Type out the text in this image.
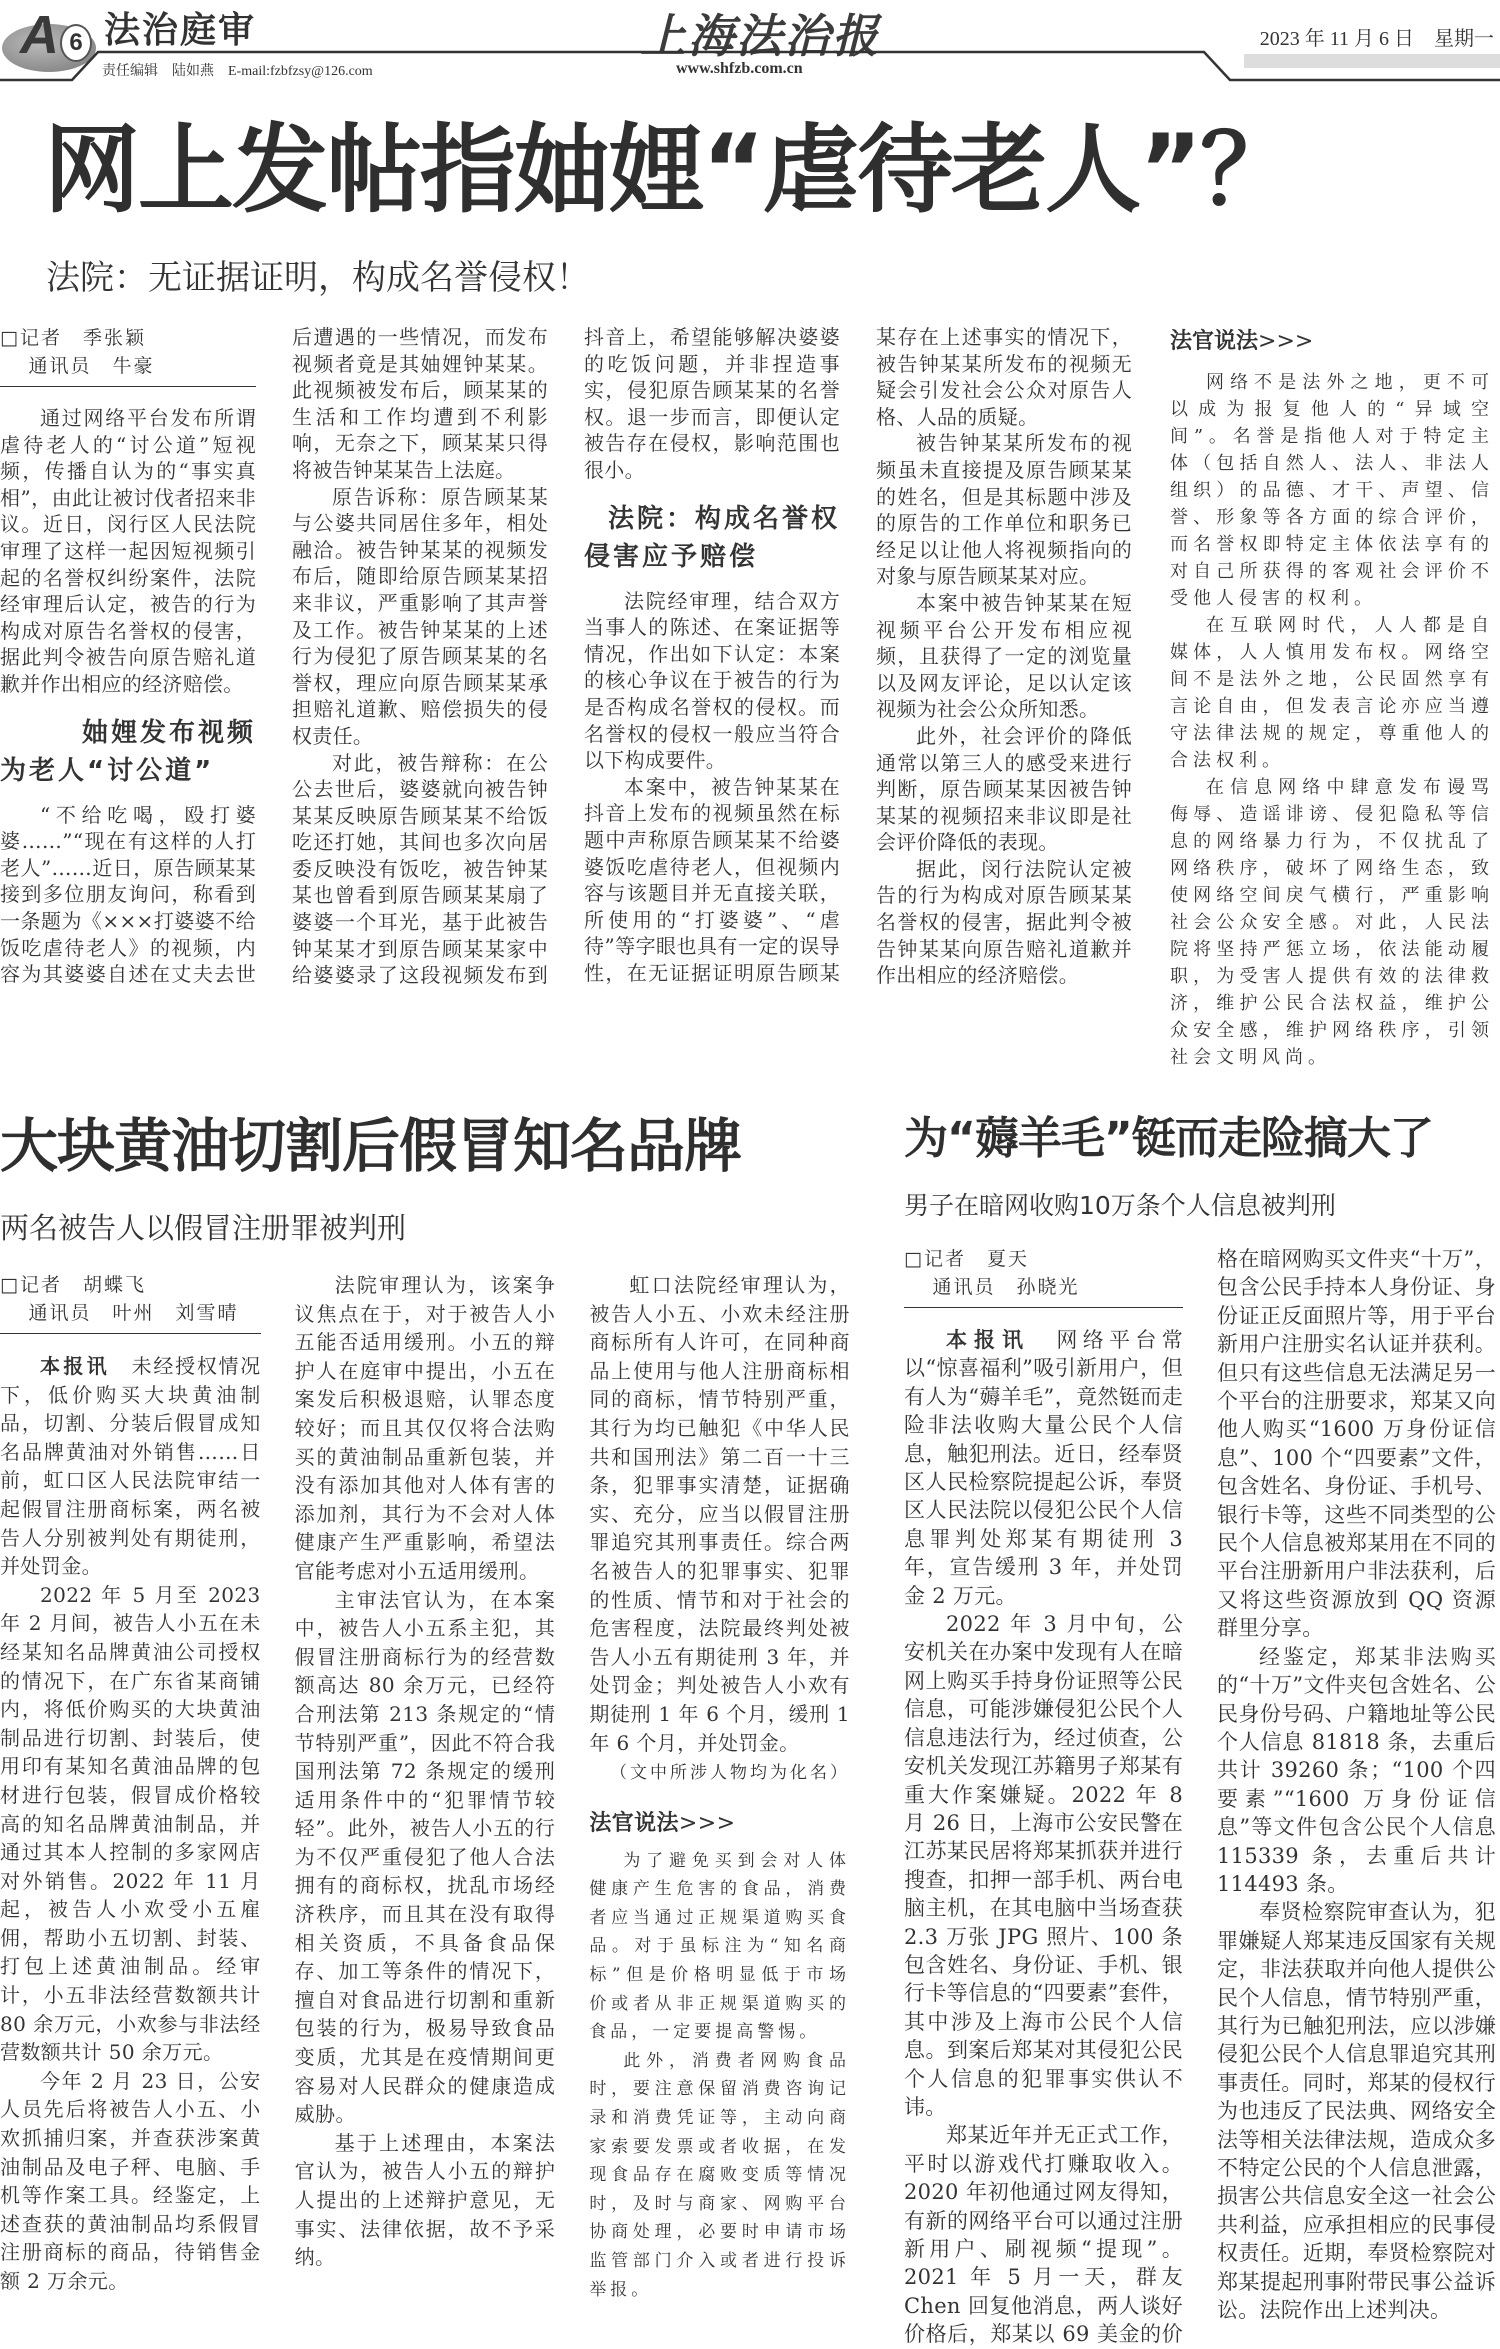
A 6 法治庭审	上海法治报	2023 年 11 月 6 日　星期一
责任编辑　陆如燕　E-mail:fzbfzsy@126.com	www.shfzb.com.cn
网上发帖指妯娌“虐待老人”？
法院：无证据证明，构成名誉侵权！
□记者　季张颖
通讯员　牛豪

通过网络平台发布所谓虐待老人的“讨公道”短视频，传播自认为的“事实真相”，由此让被讨伐者招来非议。近日，闵行区人民法院审理了这样一起因短视频引起的名誉权纠纷案件，法院经审理后认定，被告的行为构成对原告名誉权的侵害，据此判令被告向原告赔礼道歉并作出相应的经济赔偿。

妯娌发布视频
为老人“讨公道”

“不给吃喝，殴打婆婆……”“现在有这样的人打老人”……近日，原告顾某某接到多位朋友询问，称看到一条题为《×××打婆婆不给饭吃虐待老人》的视频，内容为其婆婆自述在丈夫去世后遭遇的一些情况，而发布视频者竟是其妯娌钟某某。此视频被发布后，顾某某的生活和工作均遭到不利影响，无奈之下，顾某某只得将被告钟某某告上法庭。

原告诉称：原告顾某某与公婆共同居住多年，相处融洽。被告钟某某的视频发布后，随即给原告顾某某招来非议，严重影响了其声誉及工作。被告钟某某的上述行为侵犯了原告顾某某的名誉权，理应向原告顾某某承担赔礼道歉、赔偿损失的侵权责任。

对此，被告辩称：在公公去世后，婆婆就向被告钟某某反映原告顾某某不给饭吃还打她，其间也多次向居委反映没有饭吃，被告钟某某也曾看到原告顾某某扇了婆婆一个耳光，基于此被告钟某某才到原告顾某某家中给婆婆录了这段视频发布到抖音上，希望能够解决婆婆的吃饭问题，并非捏造事实，侵犯原告顾某某的名誉权。退一步而言，即便认定被告存在侵权，影响范围也很小。

法院：构成名誉权
侵害应予赔偿

法院经审理，结合双方当事人的陈述、在案证据等情况，作出如下认定：本案的核心争议在于被告的行为是否构成名誉权的侵权。而名誉权的侵权一般应当符合以下构成要件。

本案中，被告钟某某在抖音上发布的视频虽然在标题中声称原告顾某某不给婆婆饭吃虐待老人，但视频内容与该题目并无直接关联，所使用的“打婆婆”、“虐待”等字眼也具有一定的误导性，在无证据证明原告顾某某存在上述事实的情况下，被告钟某某所发布的视频无疑会引发社会公众对原告人格、人品的质疑。

被告钟某某所发布的视频虽未直接提及原告顾某某的姓名，但是其标题中涉及的原告的工作单位和职务已经足以让他人将视频指向的对象与原告顾某某对应。

本案中被告钟某某在短视频平台公开发布相应视频，且获得了一定的浏览量以及网友评论，足以认定该视频为社会公众所知悉。

此外，社会评价的降低通常以第三人的感受来进行判断，原告顾某某因被告钟某某的视频招来非议即是社会评价降低的表现。

据此，闵行法院认定被告的行为构成对原告顾某某名誉权的侵害，据此判令被告钟某某向原告赔礼道歉并作出相应的经济赔偿。

法官说法>>>

网络不是法外之地，更不可以成为报复他人的“异域空间”。名誉是指他人对于特定主体（包括自然人、法人、非法人组织）的品德、才干、声望、信誉、形象等各方面的综合评价，而名誉权即特定主体依法享有的对自己所获得的客观社会评价不受他人侵害的权利。

在互联网时代，人人都是自媒体，人人慎用发布权。网络空间不是法外之地，公民固然享有言论自由，但发表言论亦应当遵守法律法规的规定，尊重他人的合法权利。

在信息网络中肆意发布谩骂侮辱、造谣诽谤、侵犯隐私等信息的网络暴力行为，不仅扰乱了网络秩序，破坏了网络生态，致使网络空间戾气横行，严重影响社会公众安全感。对此，人民法院将坚持严惩立场，依法能动履职，为受害人提供有效的法律救济，维护公民合法权益，维护公众安全感，维护网络秩序，引领社会文明风尚。

大块黄油切割后假冒知名品牌
两名被告人以假冒注册罪被判刑
□记者　胡蝶飞
通讯员　叶州　刘雪晴

本报讯　未经授权情况下，低价购买大块黄油制品，切割、分装后假冒成知名品牌黄油对外销售……日前，虹口区人民法院审结一起假冒注册商标案，两名被告人分别被判处有期徒刑，并处罚金。

2022 年 5 月至 2023 年 2 月间，被告人小五在未经某知名品牌黄油公司授权的情况下，在广东省某商铺内，将低价购买的大块黄油制品进行切割、封装后，使用印有某知名黄油品牌的包材进行包装，假冒成价格较高的知名品牌黄油制品，并通过其本人控制的多家网店对外销售。2022 年 11 月起，被告人小欢受小五雇佣，帮助小五切割、封装、打包上述黄油制品。经审计，小五非法经营数额共计 80 余万元，小欢参与非法经营数额共计 50 余万元。

今年 2 月 23 日，公安人员先后将被告人小五、小欢抓捕归案，并查获涉案黄油制品及电子秤、电脑、手机等作案工具。经鉴定，上述查获的黄油制品均系假冒注册商标的商品，待销售金额 2 万余元。

法院审理认为，该案争议焦点在于，对于被告人小五能否适用缓刑。小五的辩护人在庭审中提出，小五在案发后积极退赔，认罪态度较好；而且其仅仅将合法购买的黄油制品重新包装，并没有添加其他对人体有害的添加剂，其行为不会对人体健康产生严重影响，希望法官能考虑对小五适用缓刑。

主审法官认为，在本案中，被告人小五系主犯，其假冒注册商标行为的经营数额高达 80 余万元，已经符合刑法第 213 条规定的“情节特别严重”，因此不符合我国刑法第 72 条规定的缓刑适用条件中的“犯罪情节较轻”。此外，被告人小五的行为不仅严重侵犯了他人合法拥有的商标权，扰乱市场经济秩序，而且其在没有取得相关资质，不具备食品保存、加工等条件的情况下，擅自对食品进行切割和重新包装的行为，极易导致食品变质，尤其是在疫情期间更容易对人民群众的健康造成威胁。

基于上述理由，本案法官认为，被告人小五的辩护人提出的上述辩护意见，无事实、法律依据，故不予采纳。

虹口法院经审理认为，被告人小五、小欢未经注册商标所有人许可，在同种商品上使用与他人注册商标相同的商标，情节特别严重，其行为均已触犯《中华人民共和国刑法》第二百一十三条，犯罪事实清楚，证据确实、充分，应当以假冒注册罪追究其刑事责任。综合两名被告人的犯罪事实、犯罪的性质、情节和对于社会的危害程度，法院最终判处被告人小五有期徒刑 3 年，并处罚金；判处被告人小欢有期徒刑 1 年 6 个月，缓刑 1 年 6 个月，并处罚金。

（文中所涉人物均为化名）
法官说法>>>

为了避免买到会对人体健康产生危害的食品，消费者应当通过正规渠道购买食品。对于虽标注为“知名商标”但是价格明显低于市场价或者从非正规渠道购买的食品，一定要提高警惕。

此外，消费者网购食品时，要注意保留消费咨询记录和消费凭证等，主动向商家索要发票或者收据，在发现食品存在腐败变质等情况时，及时与商家、网购平台协商处理，必要时申请市场监管部门介入或者进行投诉举报。

为“薅羊毛”铤而走险搞大了
男子在暗网收购10万条个人信息被判刑
□记者　夏天
通讯员　孙晓光

本报讯　网络平台常以“惊喜福利”吸引新用户，但有人为“薅羊毛”，竟然铤而走险非法收购大量公民个人信息，触犯刑法。近日，经奉贤区人民检察院提起公诉，奉贤区人民法院以侵犯公民个人信息罪判处郑某有期徒刑 3 年，宣告缓刑 3 年，并处罚金 2 万元。

2022 年 3 月中旬，公安机关在办案中发现有人在暗网上购买手持身份证照等公民信息，可能涉嫌侵犯公民个人信息违法行为，经过侦查，公安机关发现江苏籍男子郑某有重大作案嫌疑。2022 年 8 月 26 日，上海市公安民警在江苏某民居将郑某抓获并进行搜查，扣押一部手机、两台电脑主机，在其电脑中当场查获 2.3 万张 JPG 照片、100 条包含姓名、身份证、手机、银行卡等信息的“四要素”套件，其中涉及上海市公民个人信息。到案后郑某对其侵犯公民个人信息的犯罪事实供认不讳。

郑某近年并无正式工作，平时以游戏代打赚取收入。2020 年初他通过网友得知，有新的网络平台可以通过注册新用户、刷视频“提现”。2021 年 5 月一天，群友 Chen 回复他消息，两人谈好价格后，郑某以 69 美金的价格在暗网购买文件夹“十万”，包含公民手持本人身份证、身份证正反面照片等，用于平台新用户注册实名认证并获利。但只有这些信息无法满足另一个平台的注册要求，郑某又向他人购买“1600 万身份证信息”、100 个“四要素”文件，包含姓名、身份证、手机号、银行卡等，这些不同类型的公民个人信息被郑某用在不同的平台注册新用户非法获利，后又将这些资源放到 QQ 资源群里分享。

经鉴定，郑某非法购买的“十万”文件夹包含姓名、公民身份号码、户籍地址等公民个人信息 81818 条，去重后共计 39260 条；“100 个四要素”“1600 万身份证信息”等文件包含公民个人信息 115339 条，去重后共计 114493 条。

奉贤检察院审查认为，犯罪嫌疑人郑某违反国家有关规定，非法获取并向他人提供公民个人信息，情节特别严重，其行为已触犯刑法，应以涉嫌侵犯公民个人信息罪追究其刑事责任。同时，郑某的侵权行为也违反了民法典、网络安全法等相关法律法规，造成众多不特定公民的个人信息泄露，损害公共信息安全这一社会公共利益，应承担相应的民事侵权责任。近期，奉贤检察院对郑某提起刑事附带民事公益诉讼。法院作出上述判决。
